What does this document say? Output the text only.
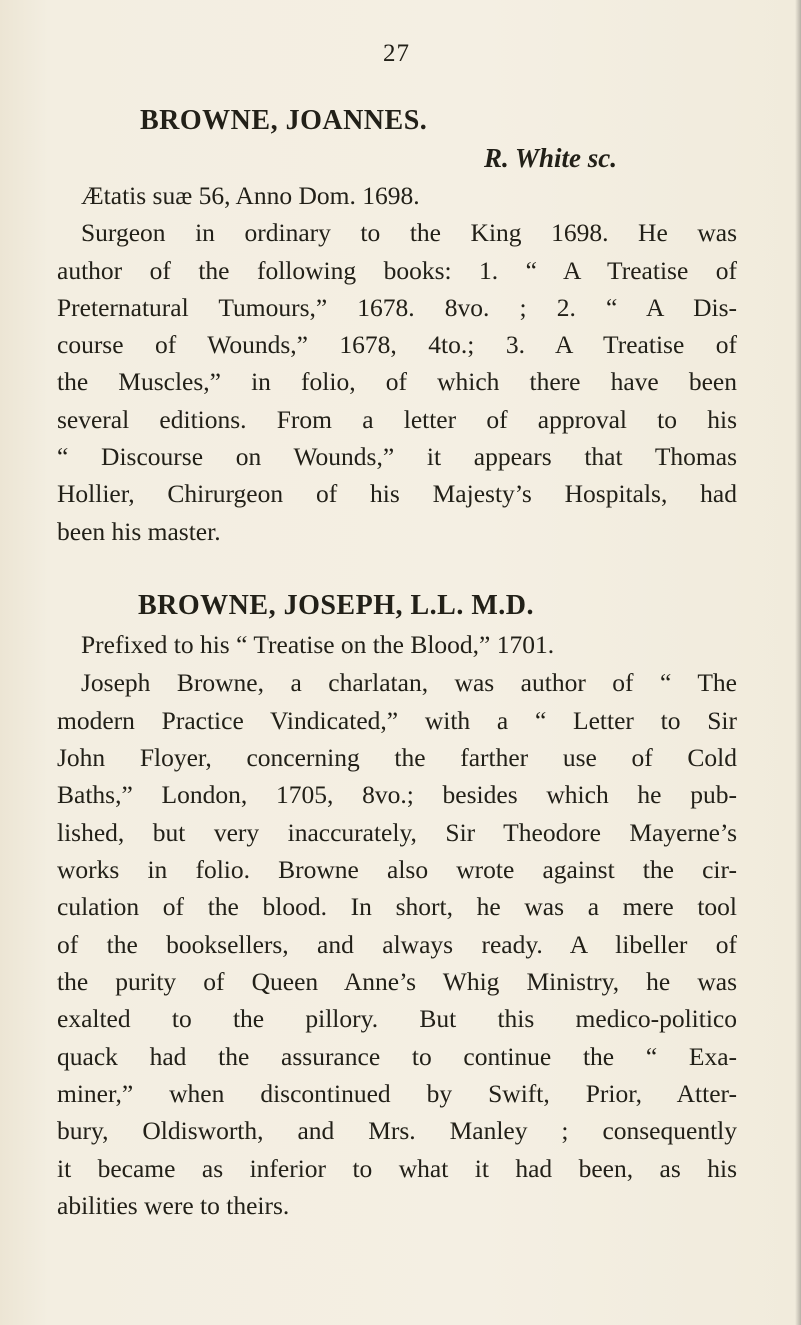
27
BROWNE, JOANNES.
R. White sc.
Ætatis suæ 56, Anno Dom. 1698.
Surgeon in ordinary to the King 1698. He was
author of the following books: 1. “ A Treatise of
Preternatural Tumours,” 1678. 8vo. ; 2. “ A Dis-
course of Wounds,” 1678, 4to.; 3. A Treatise of
the Muscles,” in folio, of which there have been
several editions. From a letter of approval to his
“ Discourse on Wounds,” it appears that Thomas
Hollier, Chirurgeon of his Majesty’s Hospitals, had
been his master.
BROWNE, JOSEPH, L.L. M.D.
Prefixed to his “ Treatise on the Blood,” 1701.
Joseph Browne, a charlatan, was author of “ The
modern Practice Vindicated,” with a “ Letter to Sir
John Floyer, concerning the farther use of Cold
Baths,” London, 1705, 8vo.; besides which he pub-
lished, but very inaccurately, Sir Theodore Mayerne’s
works in folio. Browne also wrote against the cir-
culation of the blood. In short, he was a mere tool
of the booksellers, and always ready. A libeller of
the purity of Queen Anne’s Whig Ministry, he was
exalted to the pillory. But this medico-politico
quack had the assurance to continue the “ Exa-
miner,” when discontinued by Swift, Prior, Atter-
bury, Oldisworth, and Mrs. Manley ; consequently
it became as inferior to what it had been, as his
abilities were to theirs.
